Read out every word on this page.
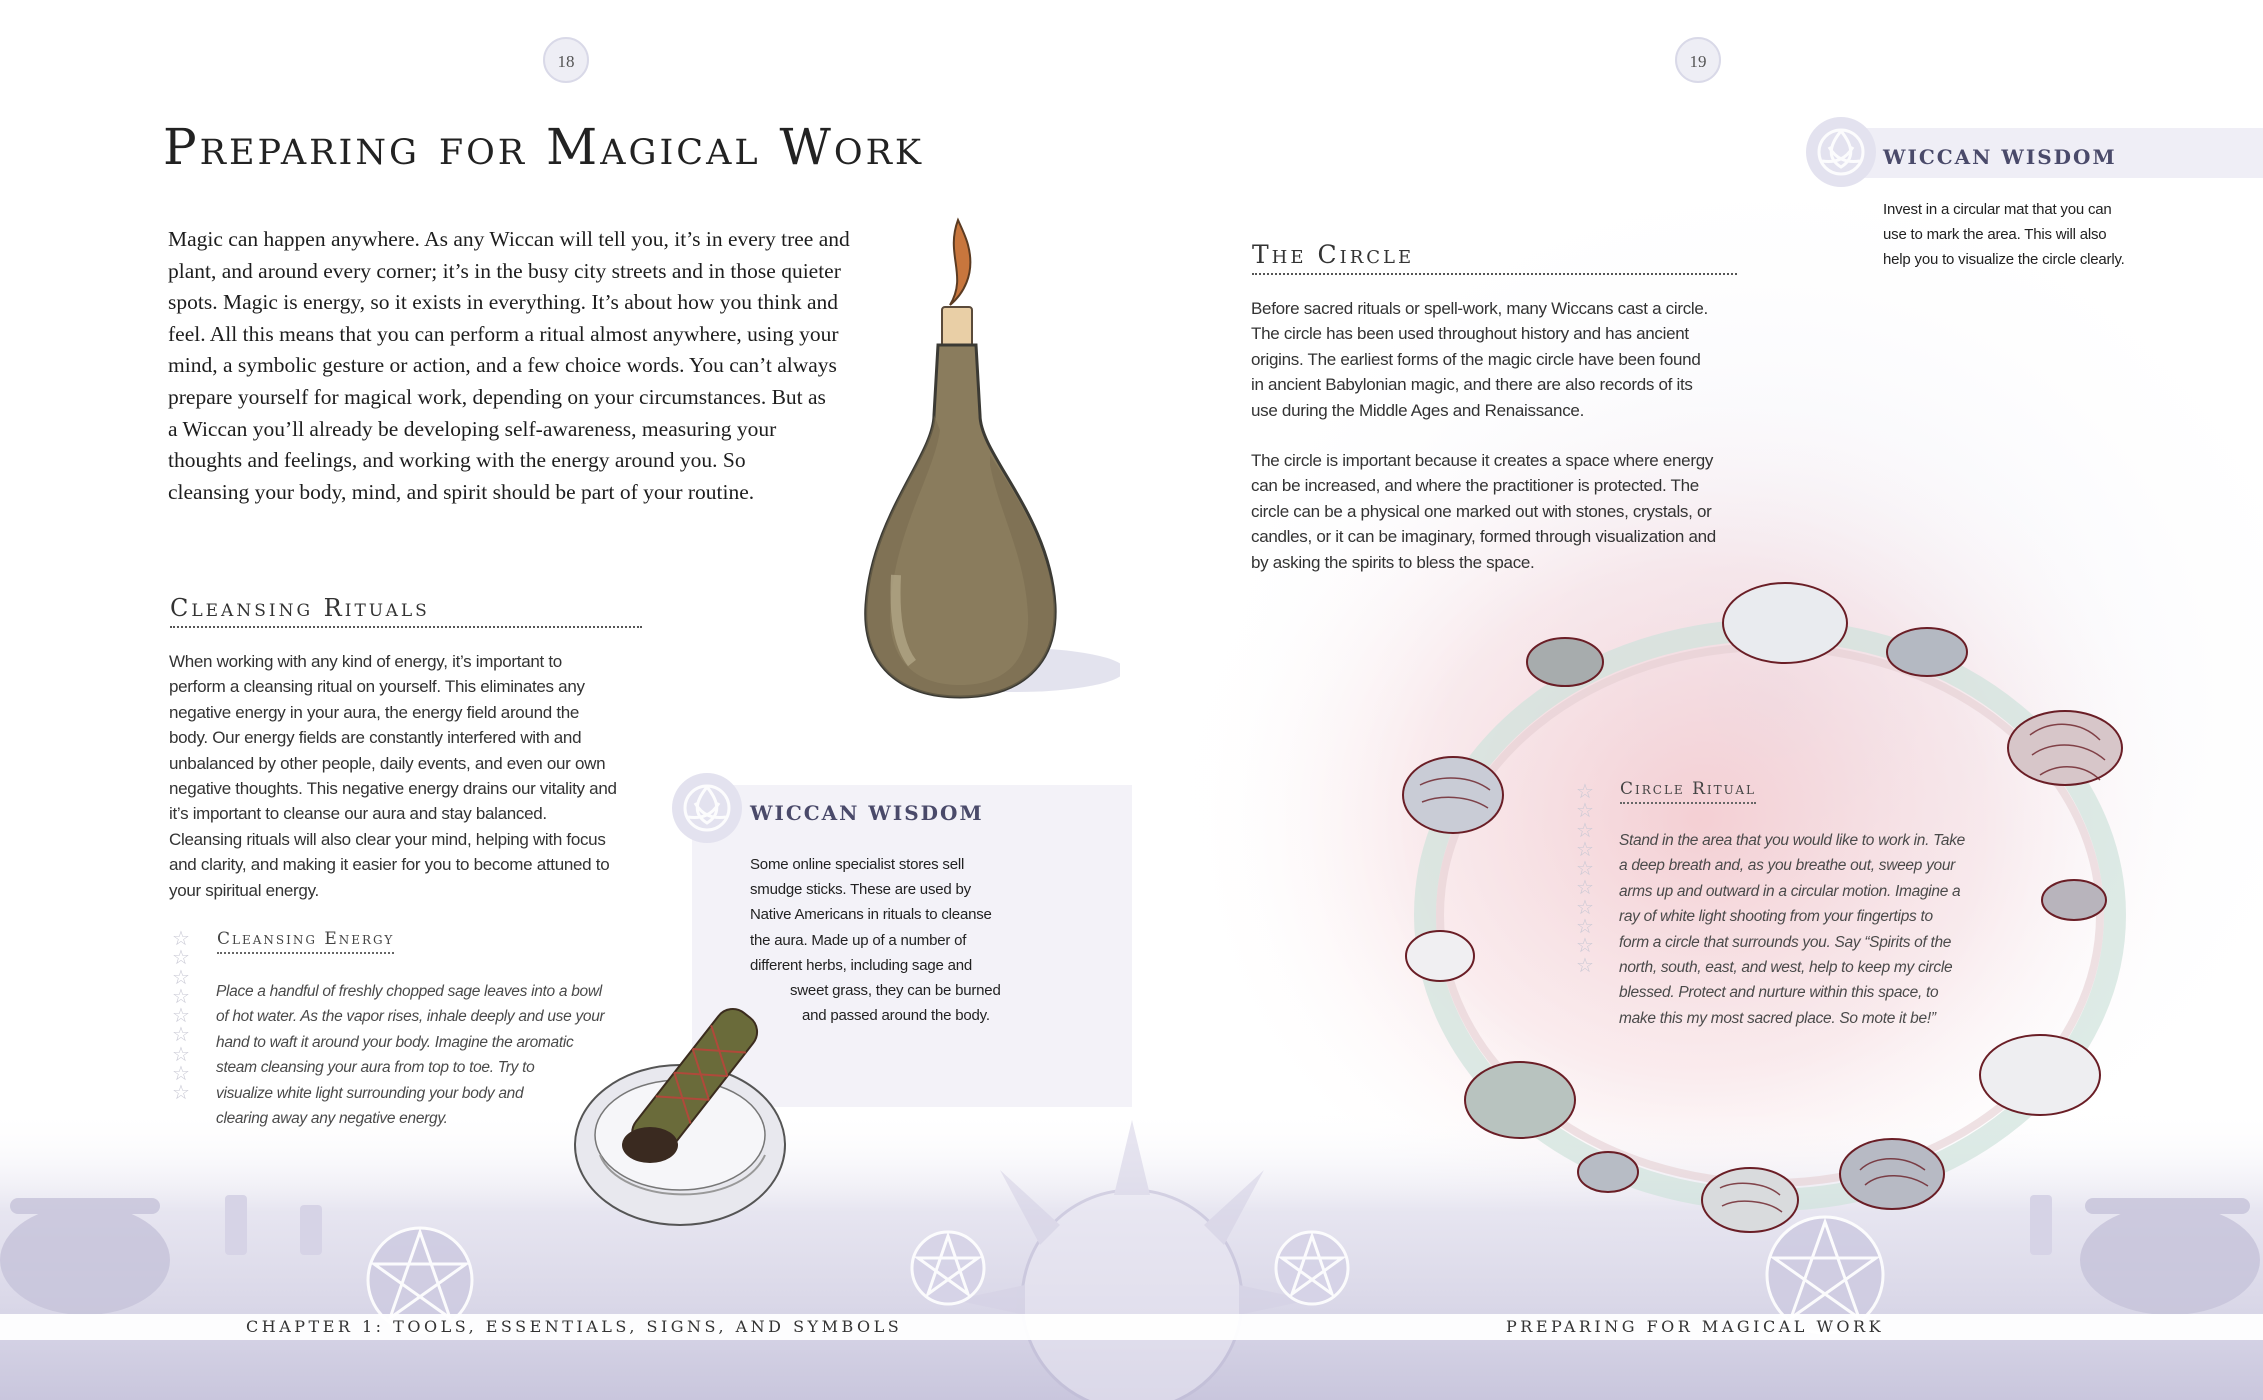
18	19
Preparing for Magical Work
Magic can happen anywhere. As any Wiccan will tell you, it’s in every tree and
plant, and around every corner; it’s in the busy city streets and in those quieter
spots. Magic is energy, so it exists in everything. It’s about how you think and
feel. All this means that you can perform a ritual almost anywhere, using your
mind, a symbolic gesture or action, and a few choice words. You can’t always
prepare yourself for magical work, depending on your circumstances. But as
a Wiccan you’ll already be developing self-awareness, measuring your
thoughts and feelings, and working with the energy around you. So
cleansing your body, mind, and spirit should be part of your routine.
Cleansing Rituals
When working with any kind of energy, it’s important to
perform a cleansing ritual on yourself. This eliminates any
negative energy in your aura, the energy field around the
body. Our energy fields are constantly interfered with and
unbalanced by other people, daily events, and even our own
negative thoughts. This negative energy drains our vitality and
it’s important to cleanse our aura and stay balanced.
Cleansing rituals will also clear your mind, helping with focus
and clarity, and making it easier for you to become attuned to
your spiritual energy.
☆
☆
☆
☆
☆
☆
☆
☆
☆
Cleansing Energy
Place a handful of freshly chopped sage leaves into a bowl
of hot water. As the vapor rises, inhale deeply and use your
hand to waft it around your body. Imagine the aromatic
steam cleansing your aura from top to toe. Try to
visualize white light surrounding your body and
clearing away any negative energy.
WICCAN WISDOM
Some online specialist stores sell
smudge sticks. These are used by
Native Americans in rituals to cleanse
the aura. Made up of a number of
different herbs, including sage and
sweet grass, they can be burned
and passed around the body.
CHAPTER 1: TOOLS, ESSENTIALS, SIGNS, AND SYMBOLS
WICCAN WISDOM
Invest in a circular mat that you can
use to mark the area. This will also
help you to visualize the circle clearly.
The Circle
Before sacred rituals or spell-work, many Wiccans cast a circle.
The circle has been used throughout history and has ancient
origins. The earliest forms of the magic circle have been found
in ancient Babylonian magic, and there are also records of its
use during the Middle Ages and Renaissance.
The circle is important because it creates a space where energy
can be increased, and where the practitioner is protected. The
circle can be a physical one marked out with stones, crystals, or
candles, or it can be imaginary, formed through visualization and
by asking the spirits to bless the space.
☆
☆
☆
☆
☆
☆
☆
☆
☆
☆
Circle Ritual
Stand in the area that you would like to work in. Take
a deep breath and, as you breathe out, sweep your
arms up and outward in a circular motion. Imagine a
ray of white light shooting from your fingertips to
form a circle that surrounds you. Say “Spirits of the
north, south, east, and west, help to keep my circle
blessed. Protect and nurture within this space, to
make this my most sacred place. So mote it be!”
PREPARING FOR MAGICAL WORK
